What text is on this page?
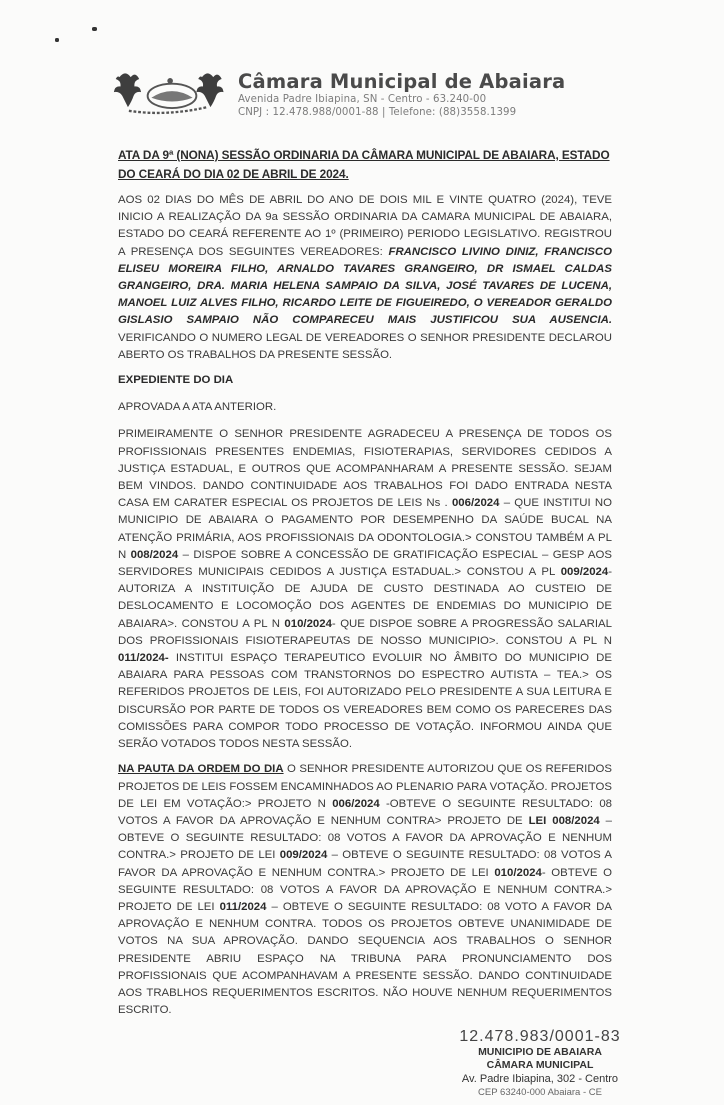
Câmara Municipal de Abaiara
Avenida Padre Ibiapina, SN - Centro - 63.240-00
CNPJ : 12.478.988/0001-88 | Telefone: (88)3558.1399
ATA DA 9ª (NONA) SESSÃO ORDINARIA DA CÂMARA MUNICIPAL DE ABAIARA, ESTADO DO CEARÁ DO DIA 02 DE ABRIL DE 2024.

AOS 02 DIAS DO MÊS DE ABRIL DO ANO DE DOIS MIL E VINTE QUATRO (2024), TEVE INICIO A REALIZAÇÃO DA 9a SESSÃO ORDINARIA DA CAMARA MUNICIPAL DE ABAIARA, ESTADO DO CEARÁ REFERENTE AO 1º (PRIMEIRO) PERIODO LEGISLATIVO. REGISTROU A PRESENÇA DOS SEGUINTES VEREADORES: FRANCISCO LIVINO DINIZ, FRANCISCO ELISEU MOREIRA FILHO, ARNALDO TAVARES GRANGEIRO, DR ISMAEL CALDAS GRANGEIRO, DRA. MARIA HELENA SAMPAIO DA SILVA, JOSÉ TAVARES DE LUCENA, MANOEL LUIZ ALVES FILHO, RICARDO LEITE DE FIGUEIREDO, O VEREADOR GERALDO GISLASIO SAMPAIO NÃO COMPARECEU MAIS JUSTIFICOU SUA AUSENCIA. VERIFICANDO O NUMERO LEGAL DE VEREADORES O SENHOR PRESIDENTE DECLAROU ABERTO OS TRABALHOS DA PRESENTE SESSÃO.

EXPEDIENTE DO DIA

APROVADA A ATA ANTERIOR.

PRIMEIRAMENTE O SENHOR PRESIDENTE AGRADECEU A PRESENÇA DE TODOS OS PROFISSIONAIS PRESENTES ENDEMIAS, FISIOTERAPIAS, SERVIDORES CEDIDOS A JUSTIÇA ESTADUAL, E OUTROS QUE ACOMPANHARAM A PRESENTE SESSÃO. SEJAM BEM VINDOS. DANDO CONTINUIDADE AOS TRABALHOS FOI DADO ENTRADA NESTA CASA EM CARATER ESPECIAL OS PROJETOS DE LEIS Ns . 006/2024 – QUE INSTITUI NO MUNICIPIO DE ABAIARA O PAGAMENTO POR DESEMPENHO DA SAÚDE BUCAL NA ATENÇÃO PRIMÁRIA, AOS PROFISSIONAIS DA ODONTOLOGIA.> CONSTOU TAMBÉM A PL N 008/2024 – DISPOE SOBRE A CONCESSÃO DE GRATIFICAÇÃO ESPECIAL – GESP AOS SERVIDORES MUNICIPAIS CEDIDOS A JUSTIÇA ESTADUAL.> CONSTOU A PL 009/2024- AUTORIZA A INSTITUIÇÃO DE AJUDA DE CUSTO DESTINADA AO CUSTEIO DE DESLOCAMENTO E LOCOMOÇÃO DOS AGENTES DE ENDEMIAS DO MUNICIPIO DE ABAIARA>. CONSTOU A PL N 010/2024- QUE DISPOE SOBRE A PROGRESSÃO SALARIAL DOS PROFISSIONAIS FISIOTERAPEUTAS DE NOSSO MUNICIPIO>. CONSTOU A PL N 011/2024- INSTITUI ESPAÇO TERAPEUTICO EVOLUIR NO ÂMBITO DO MUNICIPIO DE ABAIARA PARA PESSOAS COM TRANSTORNOS DO ESPECTRO AUTISTA – TEA.> OS REFERIDOS PROJETOS DE LEIS, FOI AUTORIZADO PELO PRESIDENTE A SUA LEITURA E DISCURSÃO POR PARTE DE TODOS OS VEREADORES BEM COMO OS PARECERES DAS COMISSÕES PARA COMPOR TODO PROCESSO DE VOTAÇÃO. INFORMOU AINDA QUE SERÃO VOTADOS TODOS NESTA SESSÃO.

NA PAUTA DA ORDEM DO DIA O SENHOR PRESIDENTE AUTORIZOU QUE OS REFERIDOS PROJETOS DE LEIS FOSSEM ENCAMINHADOS AO PLENARIO PARA VOTAÇÃO. PROJETOS DE LEI EM VOTAÇÃO:> PROJETO N 006/2024 -OBTEVE O SEGUINTE RESULTADO: 08 VOTOS A FAVOR DA APROVAÇÃO E NENHUM CONTRA> PROJETO DE LEI 008/2024 – OBTEVE O SEGUINTE RESULTADO: 08 VOTOS A FAVOR DA APROVAÇÃO E NENHUM CONTRA.> PROJETO DE LEI 009/2024 – OBTEVE O SEGUINTE RESULTADO: 08 VOTOS A FAVOR DA APROVAÇÃO E NENHUM CONTRA.> PROJETO DE LEI 010/2024- OBTEVE O SEGUINTE RESULTADO: 08 VOTOS A FAVOR DA APROVAÇÃO E NENHUM CONTRA.> PROJETO DE LEI 011/2024 – OBTEVE O SEGUINTE RESULTADO: 08 VOTO A FAVOR DA APROVAÇÃO E NENHUM CONTRA. TODOS OS PROJETOS OBTEVE UNANIMIDADE DE VOTOS NA SUA APROVAÇÃO. DANDO SEQUENCIA AOS TRABALHOS O SENHOR PRESIDENTE ABRIU ESPAÇO NA TRIBUNA PARA PRONUNCIAMENTO DOS PROFISSIONAIS QUE ACOMPANHAVAM A PRESENTE SESSÃO. DANDO CONTINUIDADE AOS TRABLHOS REQUERIMENTOS ESCRITOS. NÃO HOUVE NENHUM REQUERIMENTOS ESCRITO.

12.478.983/0001-83
MUNICIPIO DE ABAIARA
CÂMARA MUNICIPAL
Av. Padre Ibiapina, 302 - Centro
CEP 63240-000 Abaiara - CE
